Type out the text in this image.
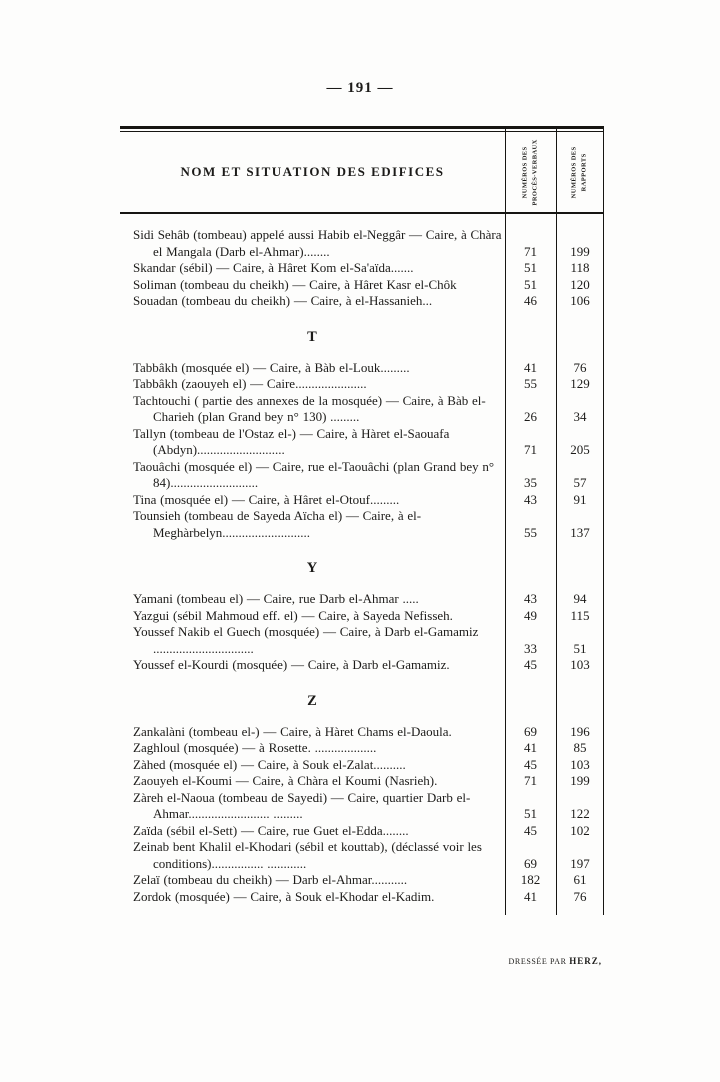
— 191 —
NOM ET SITUATION DES EDIFICES	NUMÉROS DES PROCÈS-VERBAUX	NUMÉROS DES RAPPORTS
Sidi Sehâb (tombeau) appelé aussi Habib el-Neggâr — Caire, à Chàra el Mangala (Darb el-Ahmar)........	71	199
Skandar (sébil) — Caire, à Hâret Kom el-Sa'aïda.......	51	118
Soliman (tombeau du cheikh) — Caire, à Hâret Kasr el-Chôk	51	120
Souadan (tombeau du cheikh) — Caire, à el-Hassanieh...	46	106
T
Tabbâkh (mosquée el) — Caire, à Bàb el-Louk.........	41	76
Tabbâkh (zaouyeh el) — Caire......................	55	129
Tachtouchi ( partie des annexes de la mosquée) — Caire, à Bàb el-Charieh (plan Grand bey n° 130) .........	26	34
Tallyn (tombeau de l'Ostaz el-) — Caire, à Hàret el-Saouafa (Abdyn)...........................	71	205
Taouâchi (mosquée el) — Caire, rue el-Taouâchi (plan Grand bey n° 84)...........................	35	57
Tina (mosquée el) — Caire, à Hâret el-Otouf.........	43	91
Tounsieh (tombeau de Sayeda Aïcha el) — Caire, à el-Meghàrbelyn...........................	55	137
Y
Yamani (tombeau el) — Caire, rue Darb el-Ahmar .....	43	94
Yazgui (sébil Mahmoud eff. el) — Caire, à Sayeda Nefisseh.	49	115
Youssef Nakib el Guech (mosquée) — Caire, à Darb el-Gamamiz ...............................	33	51
Youssef el-Kourdi (mosquée) — Caire, à Darb el-Gamamiz.	45	103
Z
Zankalàni (tombeau el-) — Caire, à Hàret Chams el-Daoula.	69	196
Zaghloul (mosquée) — à Rosette. ...................	41	85
Zàhed (mosquée el) — Caire, à Souk el-Zalat..........	45	103
Zaouyeh el-Koumi — Caire, à Chàra el Koumi (Nasrieh).	71	199
Zàreh el-Naoua (tombeau de Sayedi) — Caire, quartier Darb el-Ahmar......................... .........	51	122
Zaïda (sébil el-Sett) — Caire, rue Guet el-Edda........	45	102
Zeinab bent Khalil el-Khodari (sébil et kouttab), (déclassé voir les conditions)................ ............	69	197
Zelaï (tombeau du cheikh) — Darb el-Ahmar...........	182	61
Zordok (mosquée) — Caire, à Souk el-Khodar el-Kadim.	41	76
DRESSÉE PAR HERZ,
